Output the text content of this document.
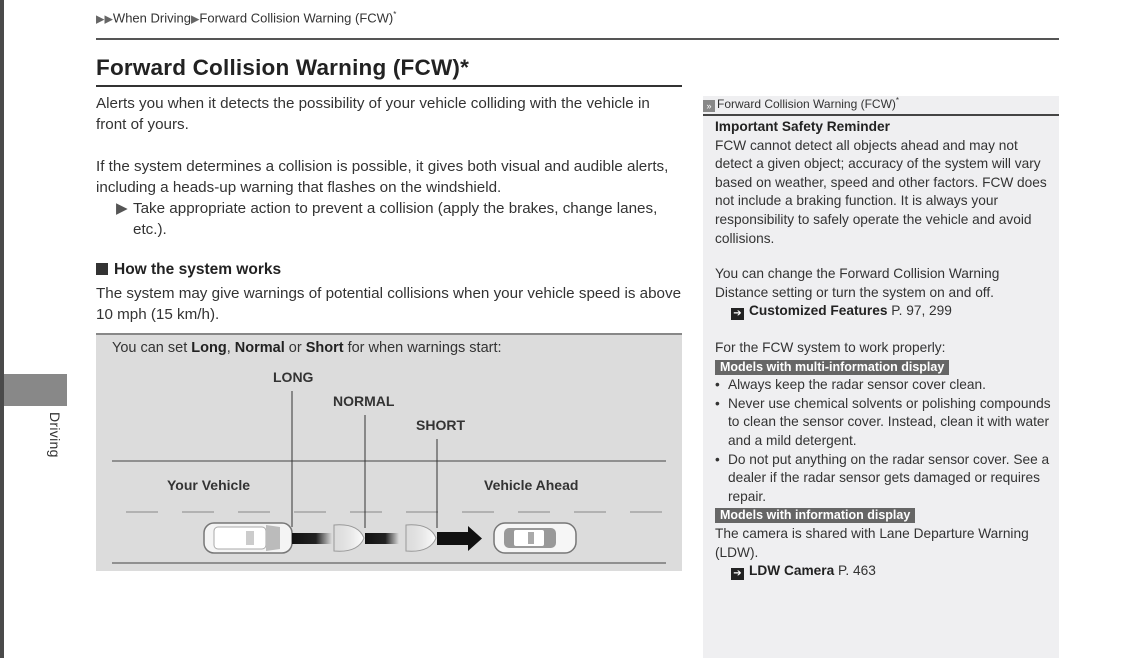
Driving
▶▶When Driving▶Forward Collision Warning (FCW)*
Forward Collision Warning (FCW)*
Alerts you when it detects the possibility of your vehicle colliding with the vehicle in front of yours.
If the system determines a collision is possible, it gives both visual and audible alerts, including a heads-up warning that flashes on the windshield.
▶ Take appropriate action to prevent a collision (apply the brakes, change lanes, etc.).
How the system works
The system may give warnings of potential collisions when your vehicle speed is above 10 mph (15 km/h).
You can set Long, Normal or Short for when warnings start:
LONG
NORMAL
SHORT
Your Vehicle	Vehicle Ahead
» Forward Collision Warning (FCW)*
Important Safety Reminder
FCW cannot detect all objects ahead and may not detect a given object; accuracy of the system will vary based on weather, speed and other factors. FCW does not include a braking function. It is always your responsibility to safely operate the vehicle and avoid collisions.
You can change the Forward Collision Warning Distance setting or turn the system on and off.
➔ Customized Features P. 97, 299
For the FCW system to work properly:
Models with multi-information display
• Always keep the radar sensor cover clean.
• Never use chemical solvents or polishing compounds to clean the sensor cover. Instead, clean it with water and a mild detergent.
• Do not put anything on the radar sensor cover. See a dealer if the radar sensor gets damaged or requires repair.
Models with information display
The camera is shared with Lane Departure Warning (LDW).
➔ LDW Camera P. 463
